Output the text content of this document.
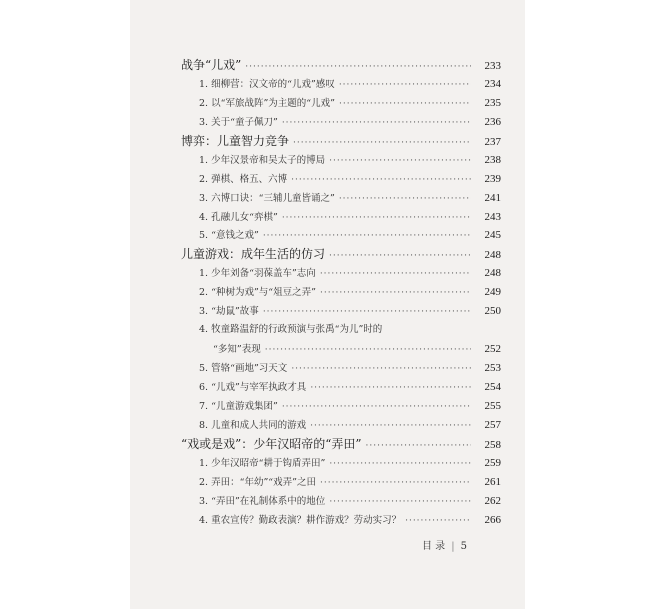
战争“儿戏” ·····	233
1. 细柳营：汉文帝的“儿戏”感叹 ·····	234
2. 以“军旅战阵”为主题的“儿戏” ·····	235
3. 关于“童子佩刀” ·····	236
博弈：儿童智力竞争 ·····	237
1. 少年汉景帝和吴太子的博局 ·····	238
2. 弹棋、格五、六博 ·····	239
3. 六博口诀：“三辅儿童皆诵之” ·····	241
4. 孔融儿女“弈棋” ·····	243
5. “意钱之戏” ·····	245
儿童游戏：成年生活的仿习 ·····	248
1. 少年刘备“羽葆盖车”志向 ·····	248
2. “种树为戏”与“俎豆之弄” ·····	249
3. “劫鼠”故事 ·····	250
4. 牧童路温舒的行政预演与张禹“为儿”时的
“多知”表现 ·····	252
5. 管辂“画地”习天文 ·····	253
6. “儿戏”与宰军执政才具 ·····	254
7. “儿童游戏集团” ·····	255
8. 儿童和成人共同的游戏 ·····	257
“戏或是戏”：少年汉昭帝的“弄田” ·····	258
1. 少年汉昭帝“耕于钩盾弄田” ·····	259
2. 弄田：“年幼”“戏弄”之田 ·····	261
3. “弄田”在礼制体系中的地位 ·····	262
4. 重农宣传？勤政表演？耕作游戏？劳动实习？ ·····	266
目 录 | 5
